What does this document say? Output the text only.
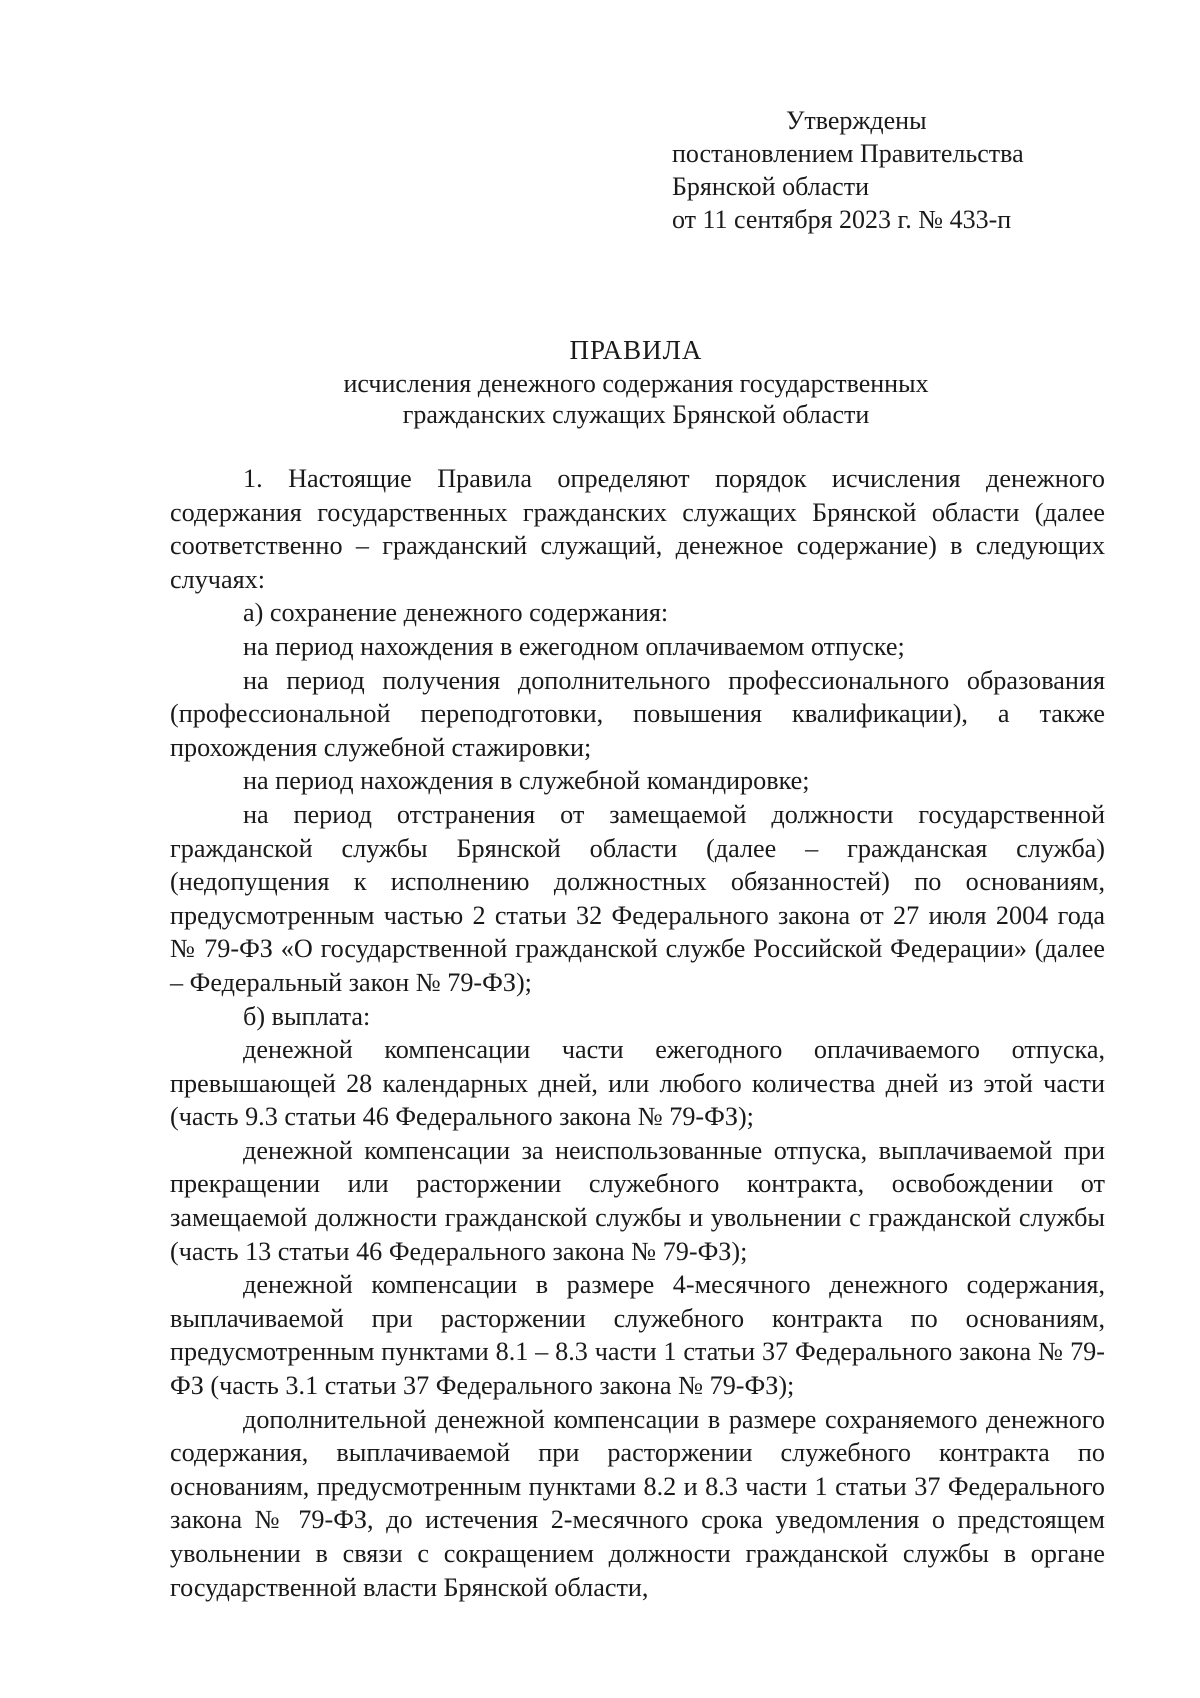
Утверждены
постановлением Правительства
Брянской области
от 11 сентября 2023 г. № 433-п
ПРАВИЛА
исчисления денежного содержания государственных
гражданских служащих Брянской области

1. Настоящие Правила определяют порядок исчисления денежного содержания государственных гражданских служащих Брянской области (далее соответственно – гражданский служащий, денежное содержание) в следующих случаях:

а) сохранение денежного содержания:

на период нахождения в ежегодном оплачиваемом отпуске;

на период получения дополнительного профессионального образования (профессиональной переподготовки, повышения квалификации), а также прохождения служебной стажировки;

на период нахождения в служебной командировке;

на период отстранения от замещаемой должности государственной гражданской службы Брянской области (далее – гражданская служба) (недопущения к исполнению должностных обязанностей) по основаниям, предусмотренным частью 2 статьи 32 Федерального закона от 27 июля 2004 года № 79-ФЗ «О государственной гражданской службе Российской Федерации» (далее – Федеральный закон № 79-ФЗ);

б) выплата:

денежной компенсации части ежегодного оплачиваемого отпуска, превышающей 28 календарных дней, или любого количества дней из этой части (часть 9.3 статьи 46 Федерального закона № 79-ФЗ);

денежной компенсации за неиспользованные отпуска, выплачиваемой при прекращении или расторжении служебного контракта, освобождении от замещаемой должности гражданской службы и увольнении с гражданской службы (часть 13 статьи 46 Федерального закона № 79-ФЗ);

денежной компенсации в размере 4-месячного денежного содержания, выплачиваемой при расторжении служебного контракта по основаниям, предусмотренным пунктами 8.1 – 8.3 части 1 статьи 37 Федерального закона № 79-ФЗ (часть 3.1 статьи 37 Федерального закона № 79-ФЗ);

дополнительной денежной компенсации в размере сохраняемого денежного содержания, выплачиваемой при расторжении служебного контракта по основаниям, предусмотренным пунктами 8.2 и 8.3 части 1 статьи 37 Федерального закона № 79-ФЗ, до истечения 2-месячного срока уведомления о предстоящем увольнении в связи с сокращением должности гражданской службы в органе государственной власти Брянской области,
